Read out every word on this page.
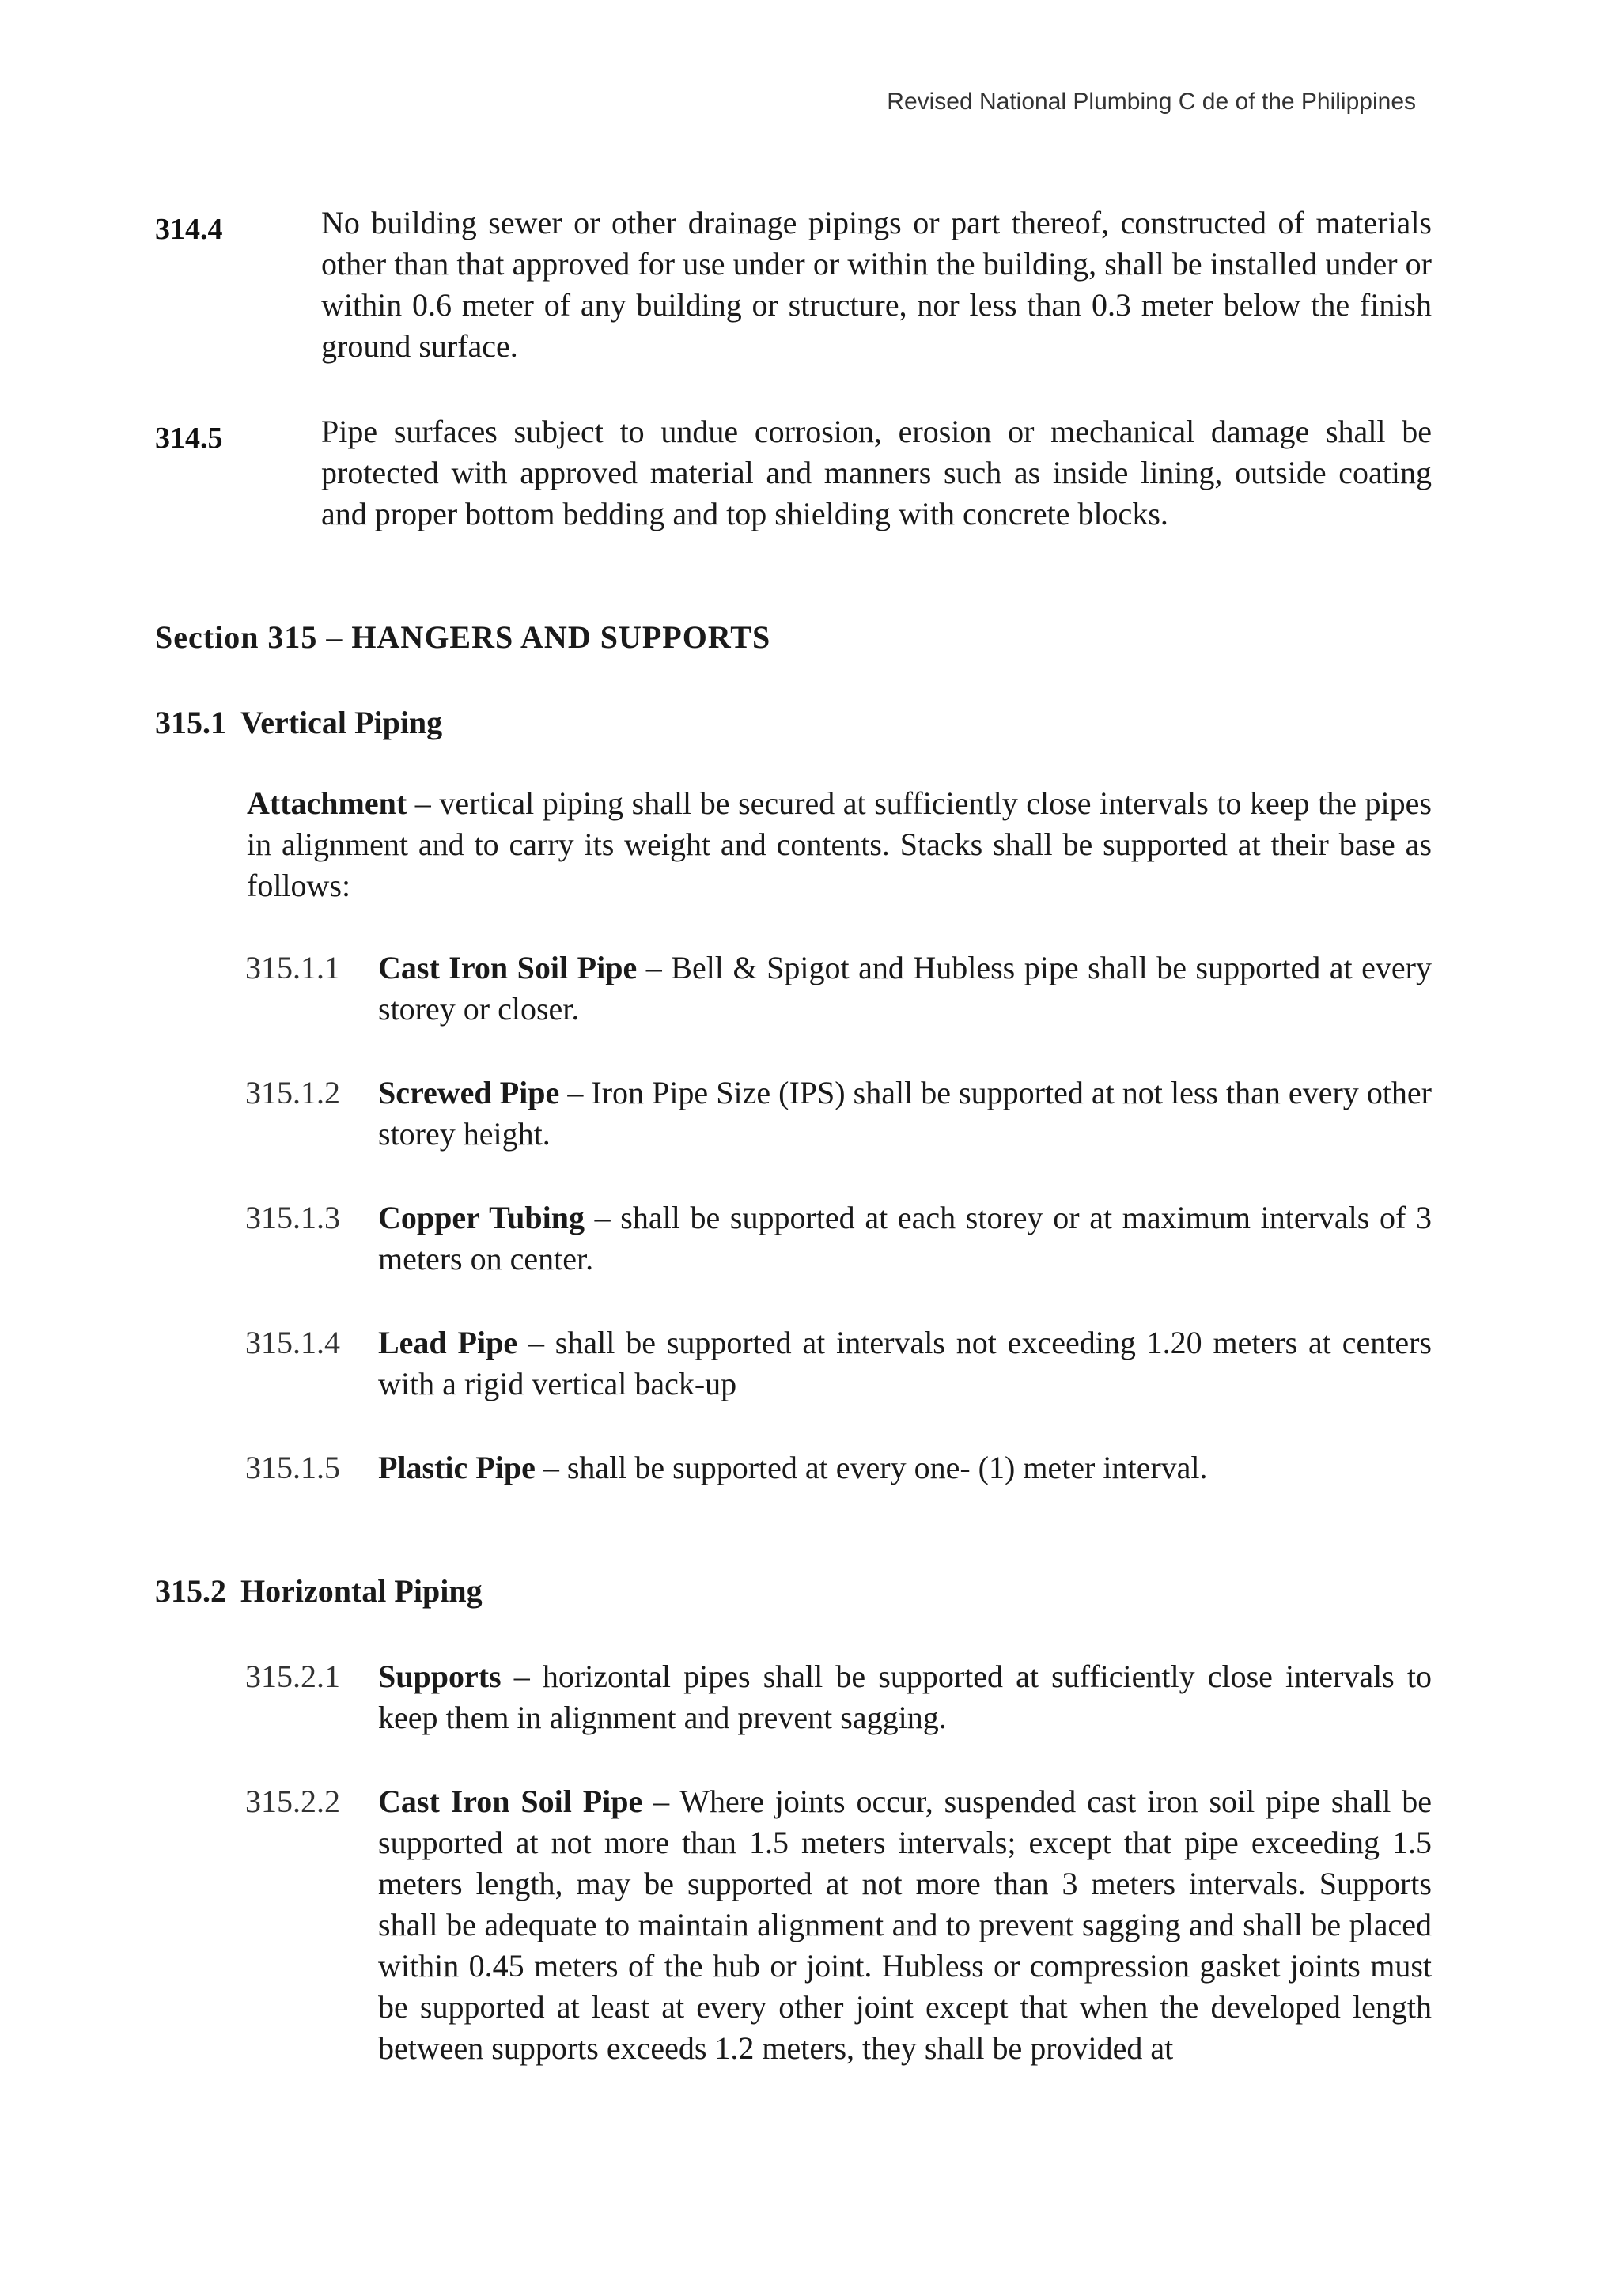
Revised National Plumbing C de of the Philippines
314.4	No building sewer or other drainage pipings or part thereof, constructed of materials other than that approved for use under or within the building, shall be installed under or within 0.6 meter of any building or structure, nor less than 0.3 meter below the finish ground surface.
314.5	Pipe surfaces subject to undue corrosion, erosion or mechanical damage shall be protected with approved material and manners such as inside lining, outside coating and proper bottom bedding and top shielding with concrete blocks.
Section 315 – HANGERS AND SUPPORTS
315.1 Vertical Piping
Attachment – vertical piping shall be secured at sufficiently close intervals to keep the pipes in alignment and to carry its weight and contents. Stacks shall be supported at their base as follows:
315.1.1	Cast Iron Soil Pipe – Bell & Spigot and Hubless pipe shall be supported at every storey or closer.
315.1.2	Screwed Pipe – Iron Pipe Size (IPS) shall be supported at not less than every other storey height.
315.1.3	Copper Tubing – shall be supported at each storey or at maximum intervals of 3 meters on center.
315.1.4	Lead Pipe – shall be supported at intervals not exceeding 1.20 meters at centers with a rigid vertical back-up
315.1.5	Plastic Pipe – shall be supported at every one- (1) meter interval.
315.2 Horizontal Piping
315.2.1	Supports – horizontal pipes shall be supported at sufficiently close intervals to keep them in alignment and prevent sagging.
315.2.2	Cast Iron Soil Pipe – Where joints occur, suspended cast iron soil pipe shall be supported at not more than 1.5 meters intervals; except that pipe exceeding 1.5 meters length, may be supported at not more than 3 meters intervals. Supports shall be adequate to maintain alignment and to prevent sagging and shall be placed within 0.45 meters of the hub or joint. Hubless or compression gasket joints must be supported at least at every other joint except that when the developed length between supports exceeds 1.2 meters, they shall be provided at
